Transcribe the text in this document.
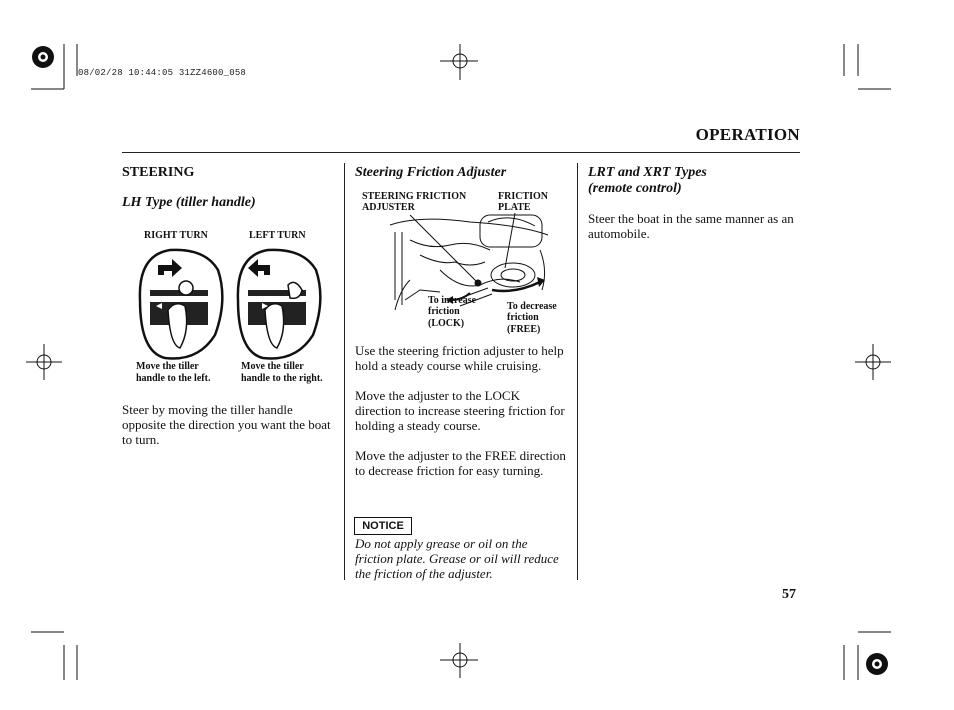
08/02/28 10:44:05 31ZZ4600_058
OPERATION
STEERING
LH Type (tiller handle)
RIGHT TURN	LEFT TURN
Move the tiller
handle to the left.
Move the tiller
handle to the right.
Steer by moving the tiller handle opposite the direction you want the boat to turn.
Steering Friction Adjuster
STEERING FRICTION
ADJUSTER
FRICTION
PLATE
To increase
friction
(LOCK)
To decrease
friction
(FREE)

Use the steering friction adjuster to help hold a steady course while cruising.

Move the adjuster to the LOCK direction to increase steering friction for holding a steady course.

Move the adjuster to the FREE direction to decrease friction for easy turning.

NOTICE
Do not apply grease or oil on the friction plate. Grease or oil will reduce the friction of the adjuster.
LRT and XRT Types
(remote control)
Steer the boat in the same manner as an automobile.
57
